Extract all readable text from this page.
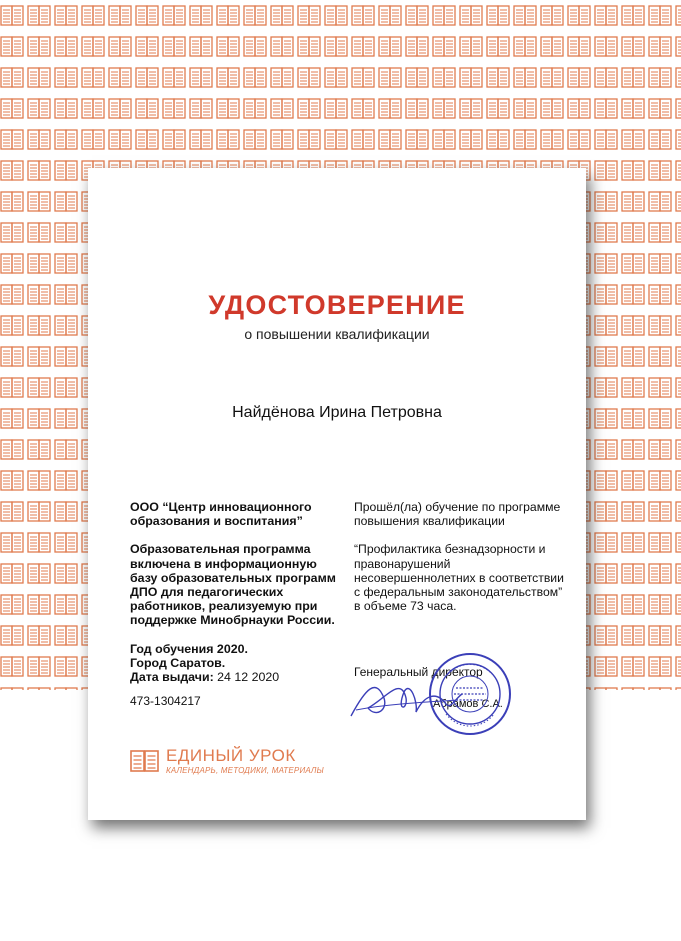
УДОСТОВЕРЕНИЕ
о повышении квалификации
Найдёнова Ирина Петровна
ООО “Центр инновационного образования и воспитания”
Образовательная программа включена в информационную базу образовательных программ ДПО для педагогических работников, реализуемую при поддержке Минобрнауки России.
Год обучения 2020.
Город Саратов.
Дата выдачи: 24 12 2020
473-1304217
Прошёл(ла) обучение по программе повышения квалификации
“Профилактика безнадзорности и правонарушений несовершеннолетних в соответствии с федеральным законодательством” в объеме 73 часа.
Генеральный директор
Абрамов С.А.
ЕДИНЫЙ УРОК
КАЛЕНДАРЬ, МЕТОДИКИ, МАТЕРИАЛЫ
